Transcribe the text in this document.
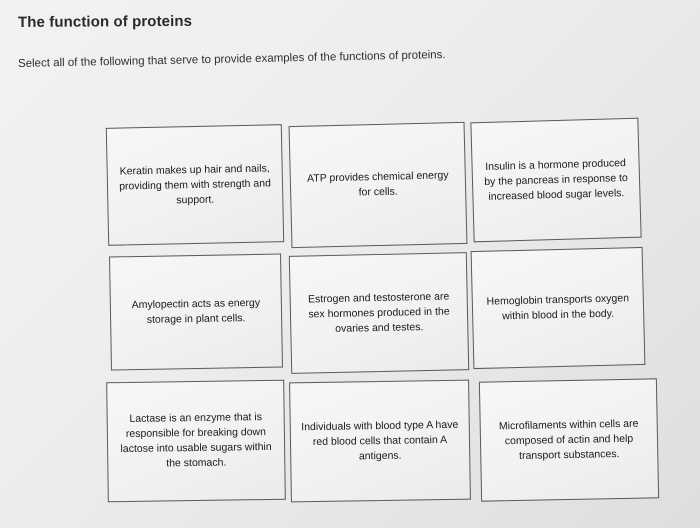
The function of proteins
Select all of the following that serve to provide examples of the functions of proteins.
Keratin makes up hair and nails, providing them with strength and support.
ATP provides chemical energy for cells.
Insulin is a hormone produced by the pancreas in response to increased blood sugar levels.
Amylopectin acts as energy storage in plant cells.
Estrogen and testosterone are sex hormones produced in the ovaries and testes.
Hemoglobin transports oxygen within blood in the body.
Lactase is an enzyme that is responsible for breaking down lactose into usable sugars within the stomach.
Individuals with blood type A have red blood cells that contain A antigens.
Microfilaments within cells are composed of actin and help transport substances.
